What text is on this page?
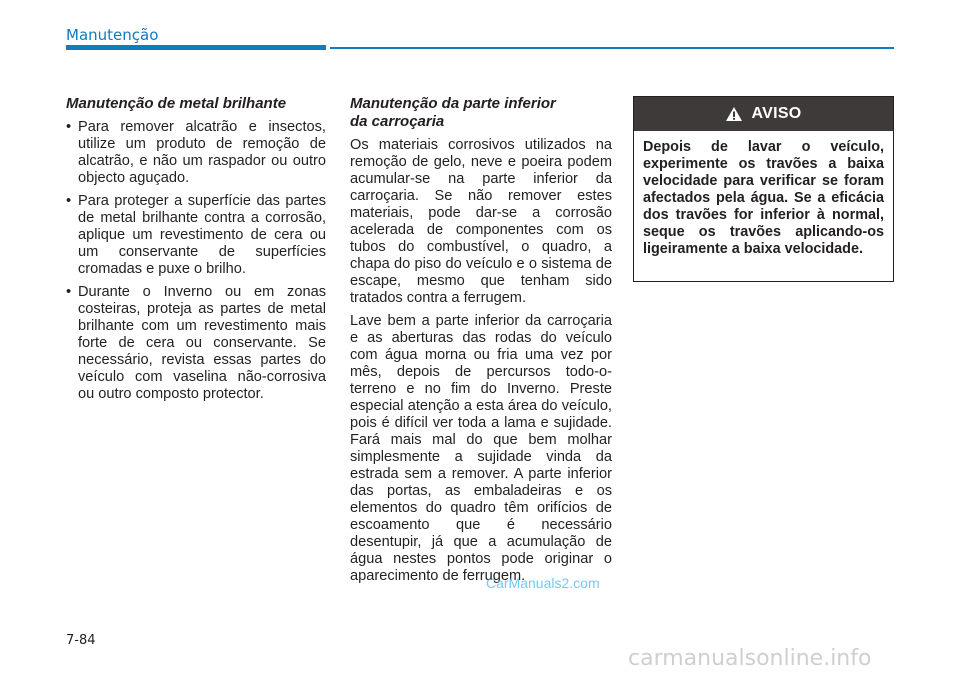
Manutenção
Manutenção de metal brilhante
• Para remover alcatrão e insectos, utilize um produto de remoção de alcatrão, e não um raspador ou outro objecto aguçado.
• Para proteger a superfície das partes de metal brilhante contra a corrosão, aplique um revestimento de cera ou um conservante de superfícies cromadas e puxe o brilho.
• Durante o Inverno ou em zonas costeiras, proteja as partes de metal brilhante com um revestimento mais forte de cera ou conservante. Se necessário, revista essas partes do veículo com vaselina não-corrosiva ou outro composto protector.
Manutenção da parte inferior
da carroçaria

Os materiais corrosivos utilizados na remoção de gelo, neve e poeira podem acumular-se na parte inferior da carroçaria. Se não remover estes materiais, pode dar-se a corrosão acelerada de componentes com os tubos do combustível, o quadro, a chapa do piso do veículo e o sistema de escape, mesmo que tenham sido tratados contra a ferrugem.

Lave bem a parte inferior da carroçaria e as aberturas das rodas do veículo com água morna ou fria uma vez por mês, depois de percursos todo-o-terreno e no fim do Inverno. Preste especial atenção a esta área do veículo, pois é difícil ver toda a lama e sujidade. Fará mais mal do que bem molhar simplesmente a sujidade vinda da estrada sem a remover. A parte inferior das portas, as embaladeiras e os elementos do quadro têm orifícios de escoamento que é necessário desentupir, já que a acumulação de água nestes pontos pode originar o aparecimento de ferrugem.

AVISO
Depois de lavar o veículo, experimente os travões a baixa velocidade para verificar se foram afectados pela água. Se a eficácia dos travões for inferior à normal, seque os travões aplicando-os ligeiramente a baixa velocidade.
7-84
CarManuals2.com
carmanualsonline.info
